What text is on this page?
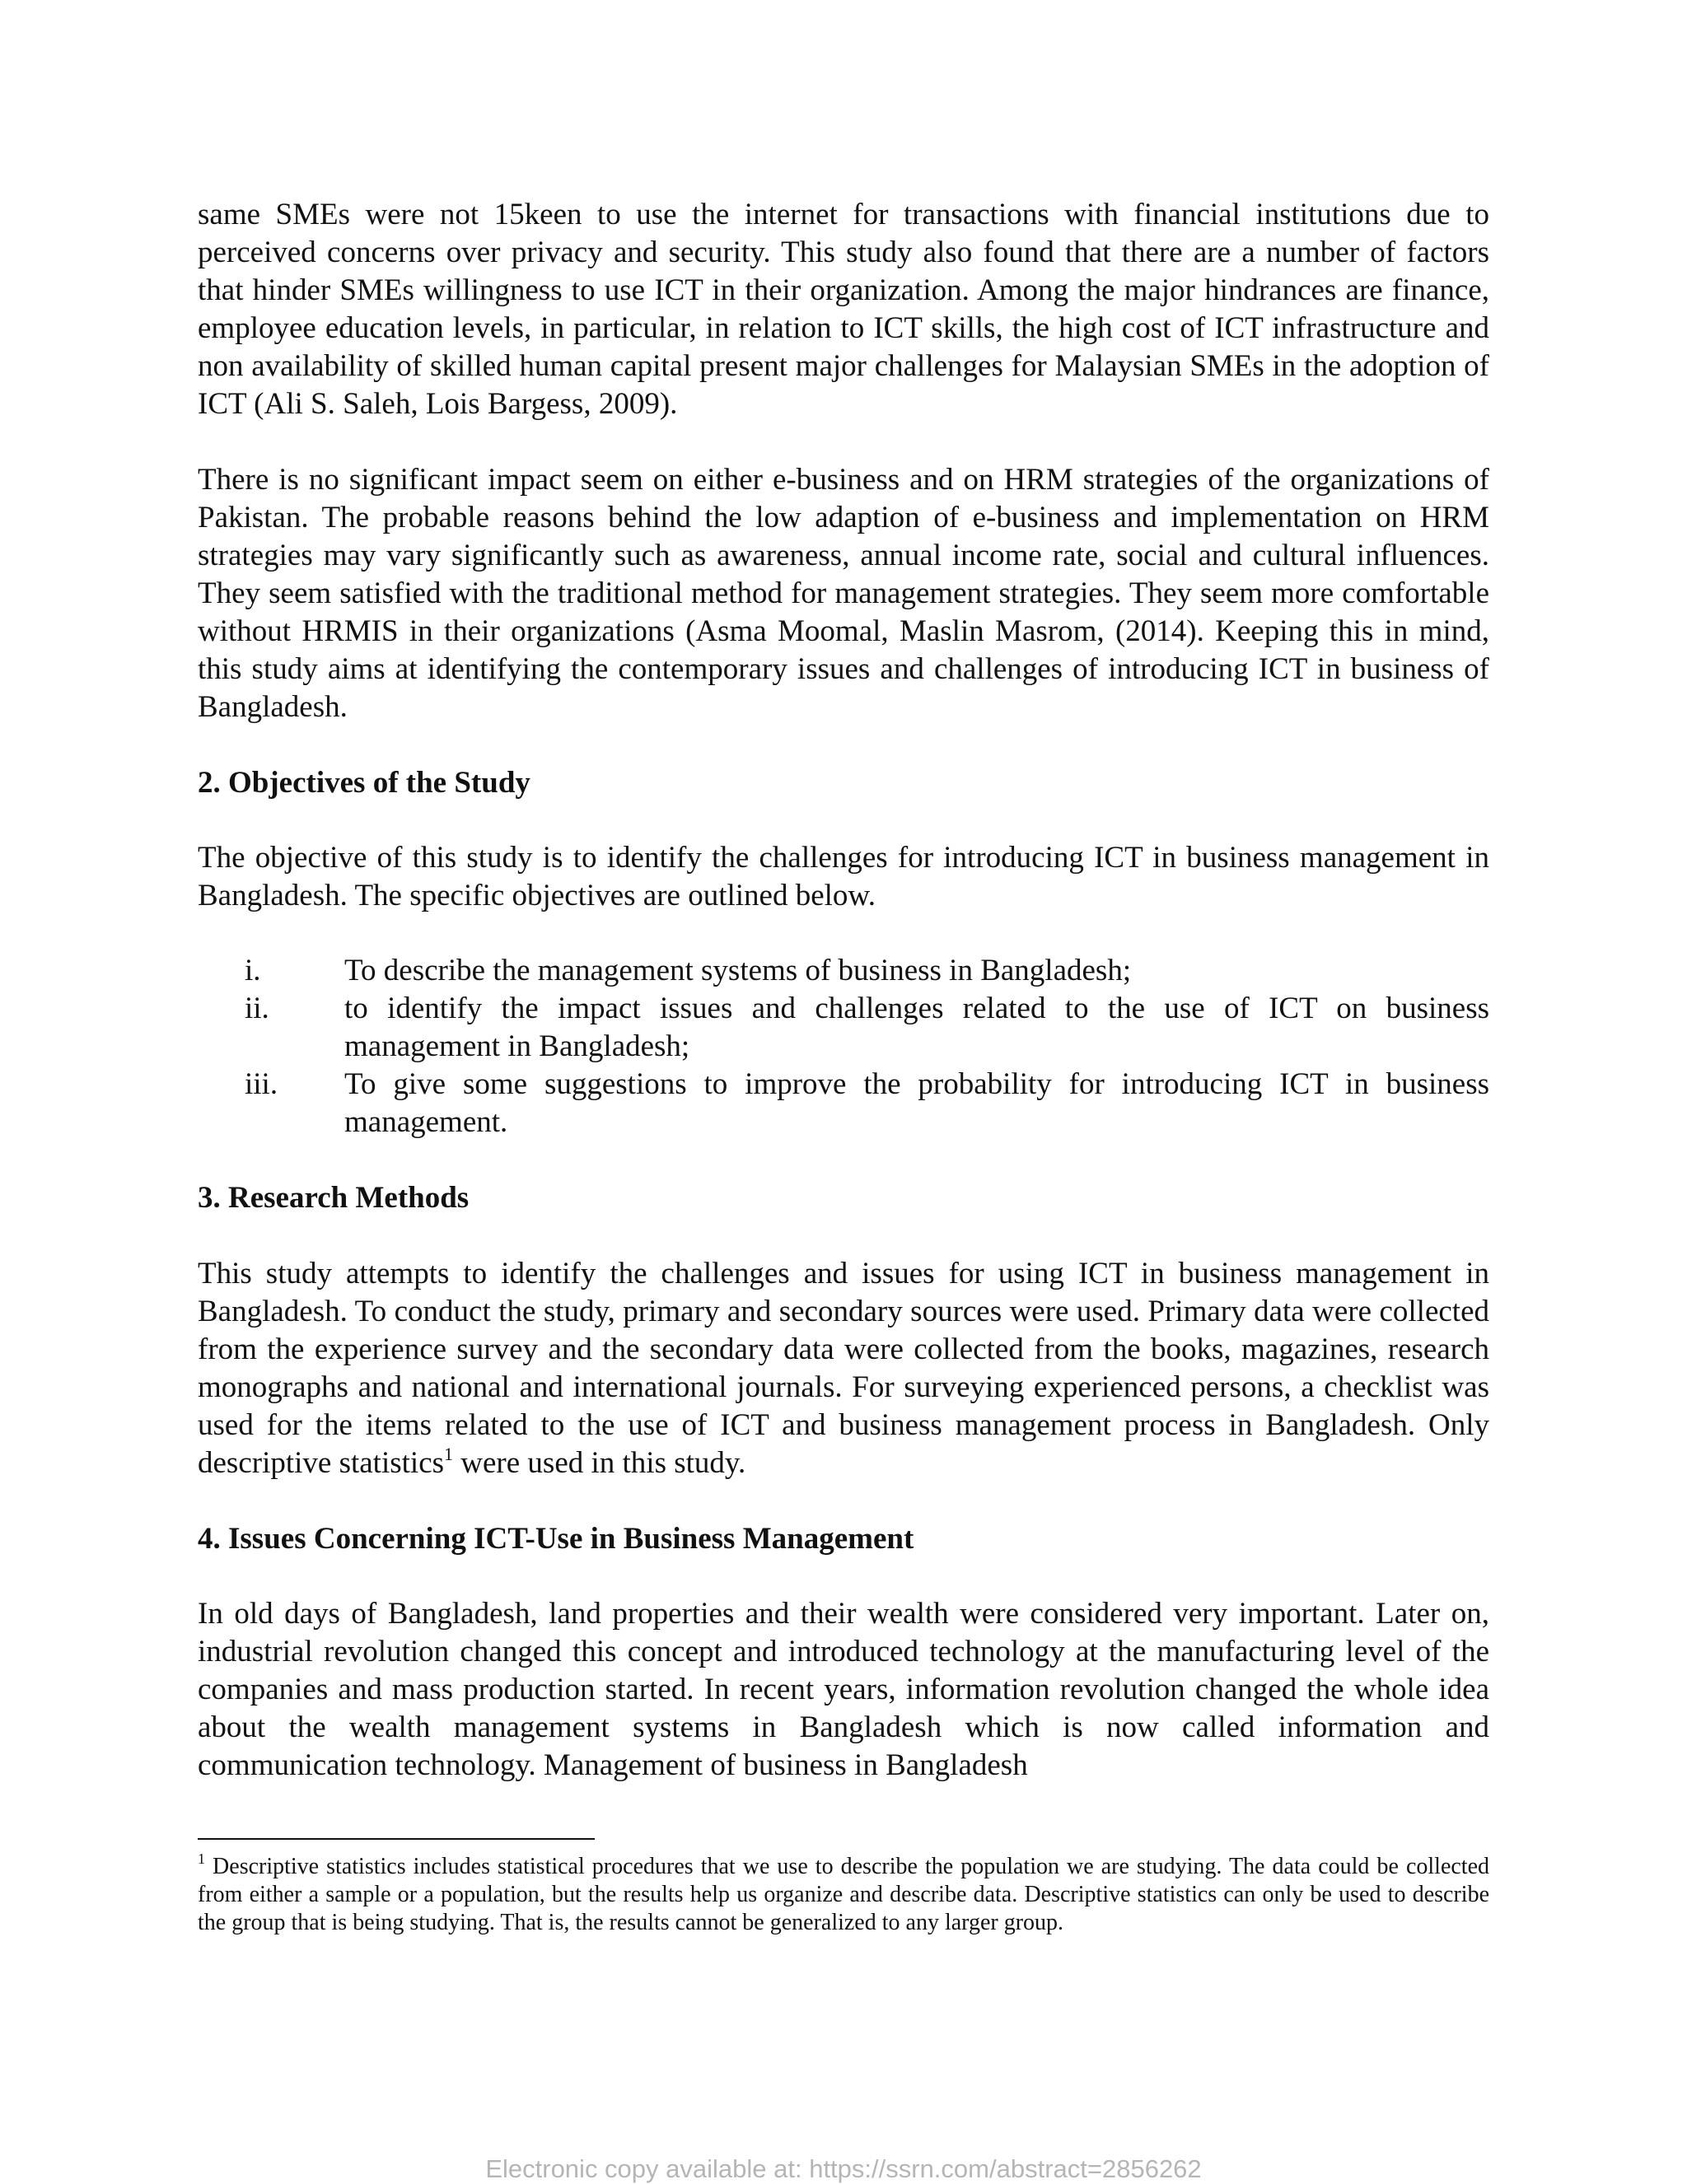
same SMEs were not 15keen to use the internet for transactions with financial institutions due to perceived concerns over privacy and security. This study also found that there are a number of factors that hinder SMEs willingness to use ICT in their organization. Among the major hindrances are finance, employee education levels, in particular, in relation to ICT skills, the high cost of ICT infrastructure and non availability of skilled human capital present major challenges for Malaysian SMEs in the adoption of ICT (Ali S. Saleh, Lois Bargess, 2009).

There is no significant impact seem on either e-business and on HRM strategies of the organizations of Pakistan. The probable reasons behind the low adaption of e-business and implementation on HRM strategies may vary significantly such as awareness, annual income rate, social and cultural influences. They seem satisfied with the traditional method for management strategies. They seem more comfortable without HRMIS in their organizations (Asma Moomal, Maslin Masrom, (2014). Keeping this in mind, this study aims at identifying the contemporary issues and challenges of introducing ICT in business of Bangladesh.

2. Objectives of the Study

The objective of this study is to identify the challenges for introducing ICT in business management in Bangladesh. The specific objectives are outlined below.

i.	To describe the management systems of business in Bangladesh;
ii. to identify the impact issues and challenges related to the use of ICT on business management in Bangladesh;
iii. To give some suggestions to improve the probability for introducing ICT in business management.
3. Research Methods

This study attempts to identify the challenges and issues for using ICT in business management in Bangladesh. To conduct the study, primary and secondary sources were used. Primary data were collected from the experience survey and the secondary data were collected from the books, magazines, research monographs and national and international journals. For surveying experienced persons, a checklist was used for the items related to the use of ICT and business management process in Bangladesh. Only descriptive statistics$^1$ were used in this study.

4. Issues Concerning ICT-Use in Business Management

In old days of Bangladesh, land properties and their wealth were considered very important. Later on, industrial revolution changed this concept and introduced technology at the manufacturing level of the companies and mass production started. In recent years, information revolution changed the whole idea about the wealth management systems in Bangladesh which is now called information and communication technology. Management of business in Bangladesh

$^1$ Descriptive statistics includes statistical procedures that we use to describe the population we are studying. The data could be collected from either a sample or a population, but the results help us organize and describe data. Descriptive statistics can only be used to describe the group that is being studying. That is, the results cannot be generalized to any larger group.

Electronic copy available at: https://ssrn.com/abstract=2856262
